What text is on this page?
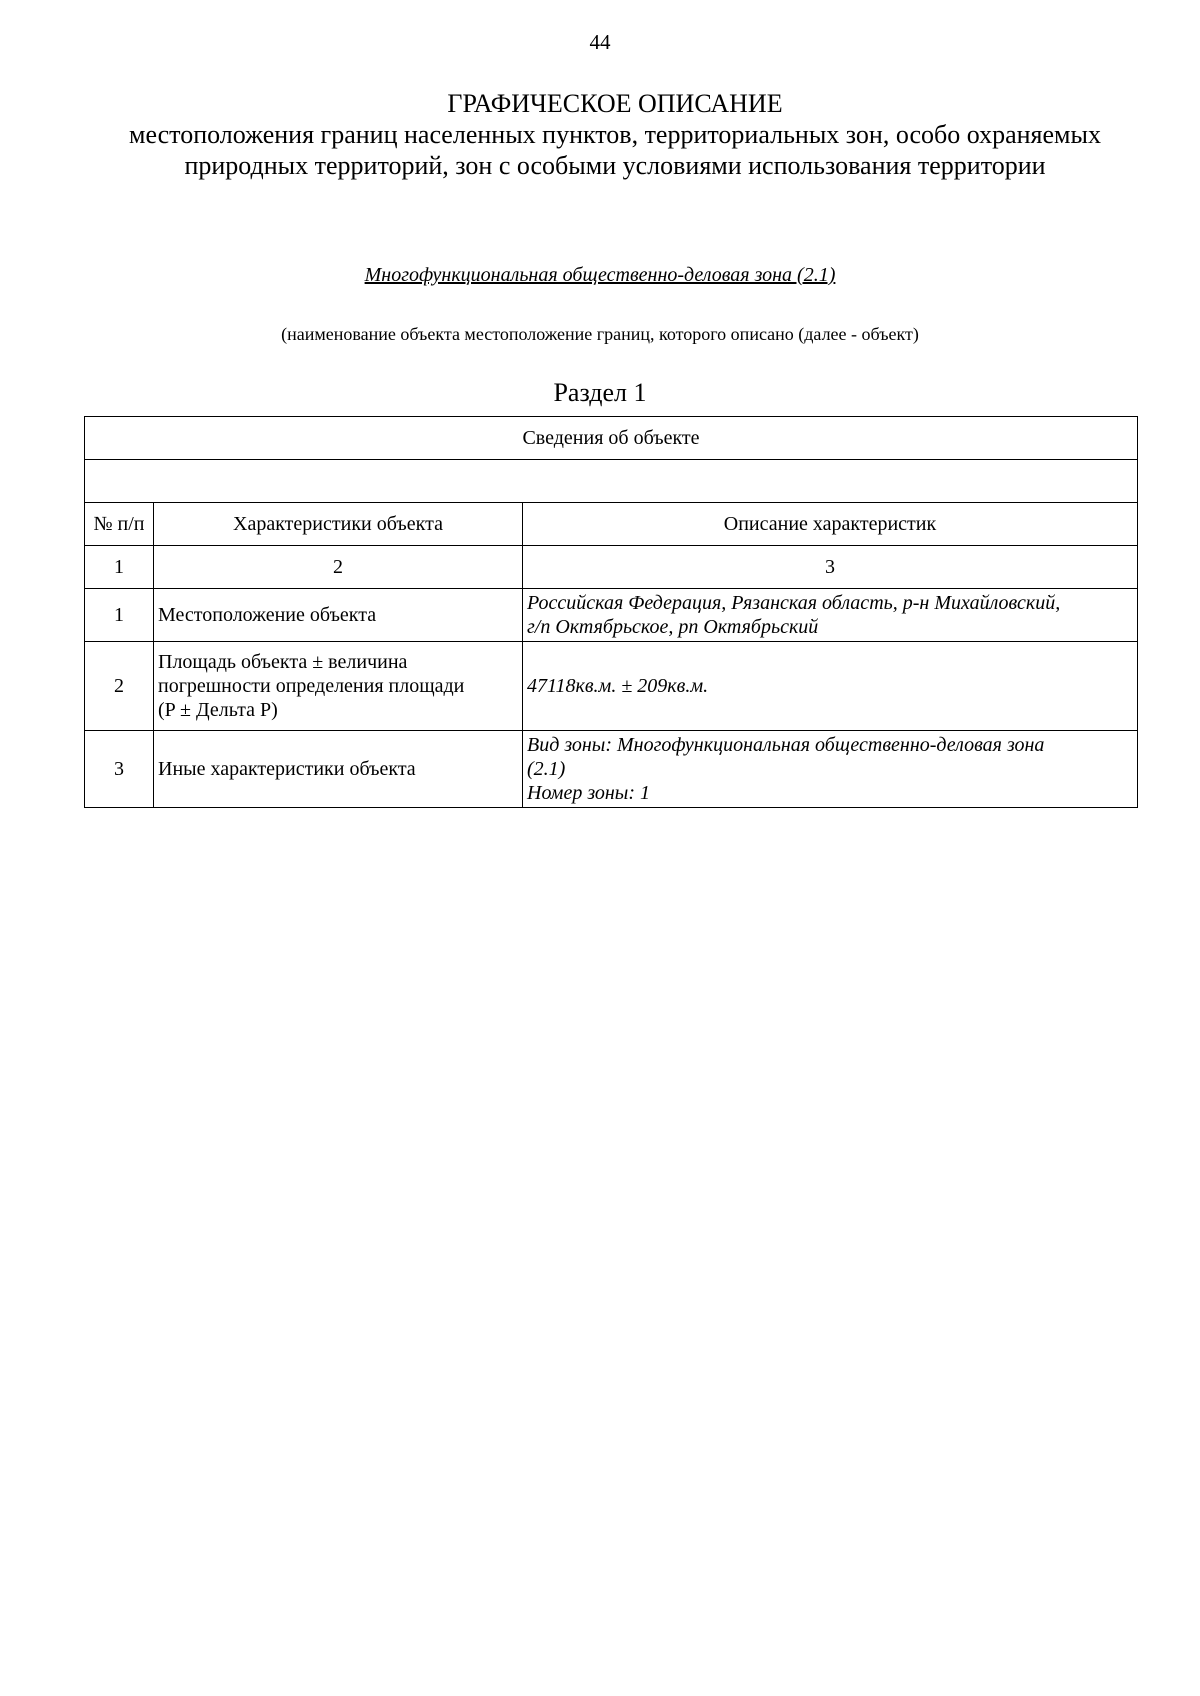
44
ГРАФИЧЕСКОЕ ОПИСАНИЕ
местоположения границ населенных пунктов, территориальных зон, особо охраняемых природных территорий, зон с особыми условиями использования территории
Многофункциональная общественно-деловая зона (2.1)
(наименование объекта местоположение границ, которого описано (далее - объект)
Раздел 1
Сведения об объекте		

№ п/п	Характеристики объекта	Описание характеристик
1	2	3
1	Местоположение объекта	Российская Федерация, Рязанская область, р-н Михайловский,
г/п Октябрьское, рп Октябрьский

2	Площадь объекта ± величина
погрешности определения площади
(P ± Дельта P)	47118кв.м. ± 209кв.м.
3	Иные характеристики объекта	Вид зоны: Многофункциональная общественно-деловая зона
(2.1)
Номер зоны: 1
